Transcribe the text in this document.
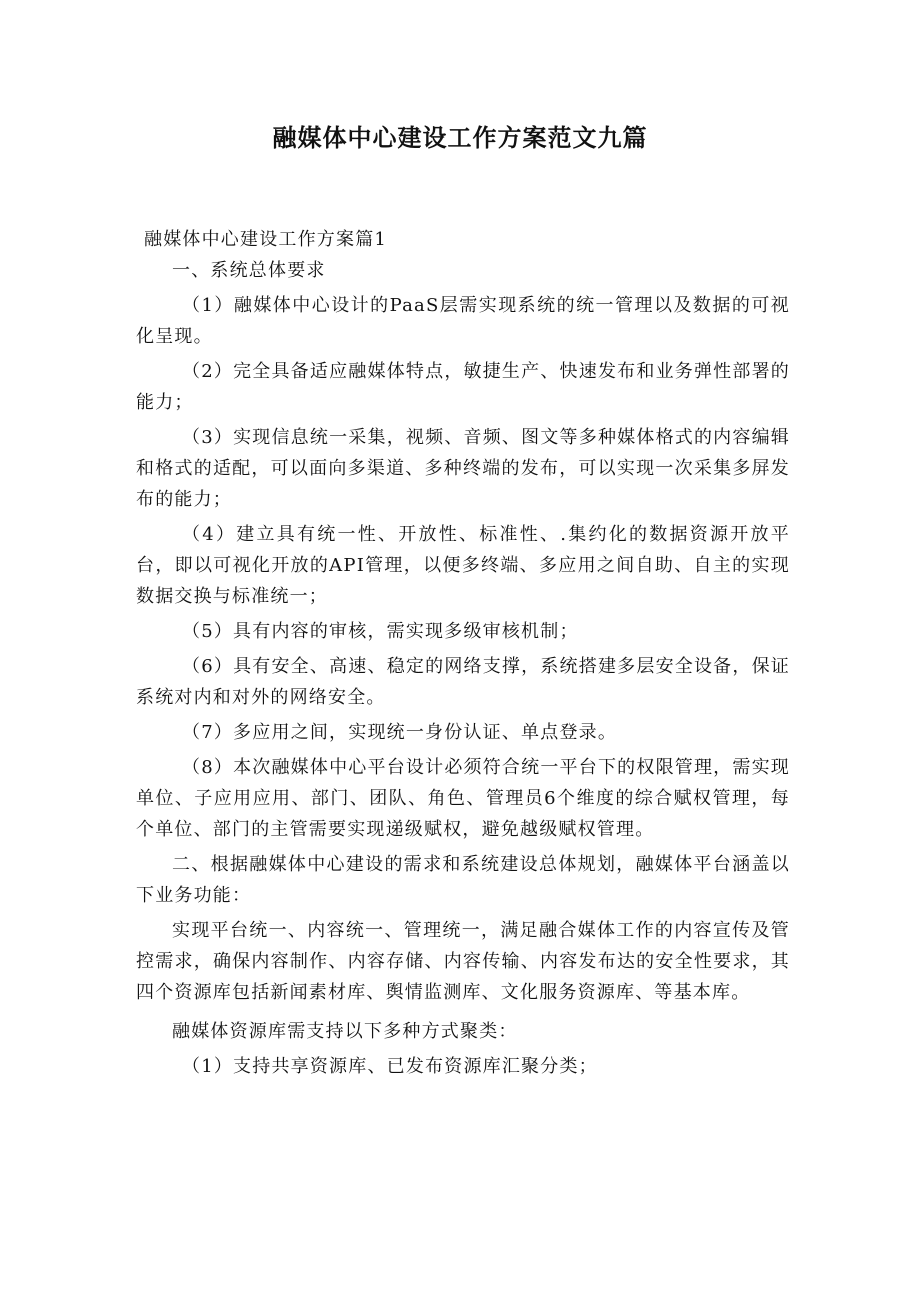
融媒体中心建设工作方案范文九篇

融媒体中心建设工作方案篇1

一、系统总体要求

（1）融媒体中心设计的PaaS层需实现系统的统一管理以及数据的可视化呈现。

（2）完全具备适应融媒体特点，敏捷生产、快速发布和业务弹性部署的能力；

（3）实现信息统一采集，视频、音频、图文等多种媒体格式的内容编辑和格式的适配，可以面向多渠道、多种终端的发布，可以实现一次采集多屏发布的能力；

（4）建立具有统一性、开放性、标准性、.集约化的数据资源开放平台，即以可视化开放的API管理，以便多终端、多应用之间自助、自主的实现数据交换与标准统一；

（5）具有内容的审核，需实现多级审核机制；

（6）具有安全、高速、稳定的网络支撑，系统搭建多层安全设备，保证系统对内和对外的网络安全。

（7）多应用之间，实现统一身份认证、单点登录。

（8）本次融媒体中心平台设计必须符合统一平台下的权限管理，需实现单位、子应用应用、部门、团队、角色、管理员6个维度的综合赋权管理，每个单位、部门的主管需要实现递级赋权，避免越级赋权管理。

二、根据融媒体中心建设的需求和系统建设总体规划，融媒体平台涵盖以下业务功能：

实现平台统一、内容统一、管理统一，满足融合媒体工作的内容宣传及管控需求，确保内容制作、内容存储、内容传输、内容发布达的安全性要求，其四个资源库包括新闻素材库、舆情监测库、文化服务资源库、等基本库。

融媒体资源库需支持以下多种方式聚类：

（1）支持共享资源库、已发布资源库汇聚分类；
